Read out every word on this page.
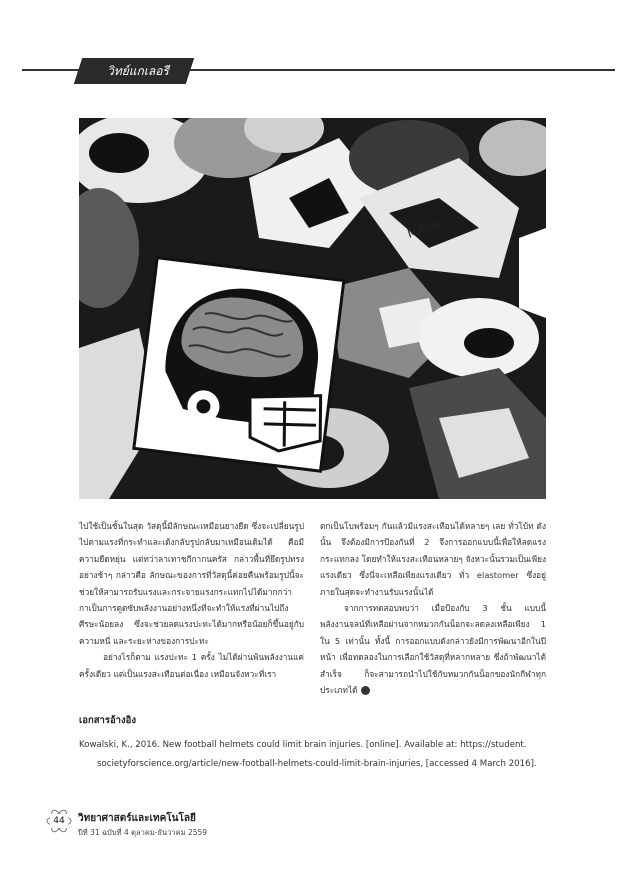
วิทย์แกเลอรี
MAHA

ไปใช้เป็นชั้นในสุด วัสดุนี้มีลักษณะเหมือนยางยืด ซึ่งจะเปลี่ยนรูปไปตามแรงที่กระทำและเด้งกลับรูปกลับมาเหมือนเดิมได้ คือมีความยืดหยุ่น แต่ทว่าลาเทาชกีกากนครัส กล่าวพื้นที่ยึดรูปทรงอย่างช้าๆ กล่าวคือ ลักษณะของการที่วัสดุนี้ค่อยคืนพร้อมรูปนี้จะช่วยให้สามารถรับแรงและกระจายแรงกระแทกไปได้มากกว่า กาเป็นการดูดซับพลังงานอย่างหนึ่งที่จะทำให้แรงที่ผ่านไปถึงศีรษะน้อยลง ซึ่งจะช่วยลดแรงปะทะได้มากหรือน้อยก็ขึ้นอยู่กับความหนี่ และระยะห่างของการปะทะ

อย่างไรก็ตาม แรงปะทะ 1 ครั้ง ไม่ได้ผ่านพ้นพลังงานแค่ครั้งเดียว แต่เป็นแรงสะเทือนต่อเนื่อง เหมือนจังหวะที่เรา

ตกเป็นโบพร้อมๆ กันแล้วมีแรงสะเทือนได้หลายๆ เลย ทั่วโบ้ท ดังนั้น จึงต้องมีการป้องกันที่ 2 จึงการออกแบบนี้เพื่อให้ลดแรงกระแทกลง โดยทำให้แรงสะเทือนหลายๆ จังหวะนั้นรวมเป็นเพียงแรงเดียว ซึ่งนี่จะเหลือเพียงแรงเดียว ทั่ว elastomer ซึ่งอยู่ภายในสุดจะทำงานรับแรงนั้นได้

จากการทดสอบพบว่า เมื่อป้องกับ 3 ชั้น แบบนี้ พลังงานจลน์ที่เหลือผ่านจากหมวกกันน็อกจะลดลงเหลือเพียง 1 ใน 5 เท่านั้น ทั้งนี้ การออกแบบดังกล่าวยังมีการพัฒนาอีกในปีหน้า เพื่อทดลองในการเลือกใช้วัสดุที่หลากหลาย ซึ่งถ้าพัฒนาได้สำเร็จ ก็จะสามารถนำไปใช้กับหมวกกันน็อกของนักกีฬาทุกประเภทได้

เอกสารอ้างอิง
Kowalski, K., 2016. New football helmets could limit brain injuries. [online]. Available at: https://student.
societyforscience.org/article/new-football-helmets-could-limit-brain-injuries, [accessed 4 March 2016].
44	วิทยาศาสตร์และเทคโนโลยี
ปีที่ 31 ฉบับที่ 4 ตุลาคม-ธันวาคม 2559
